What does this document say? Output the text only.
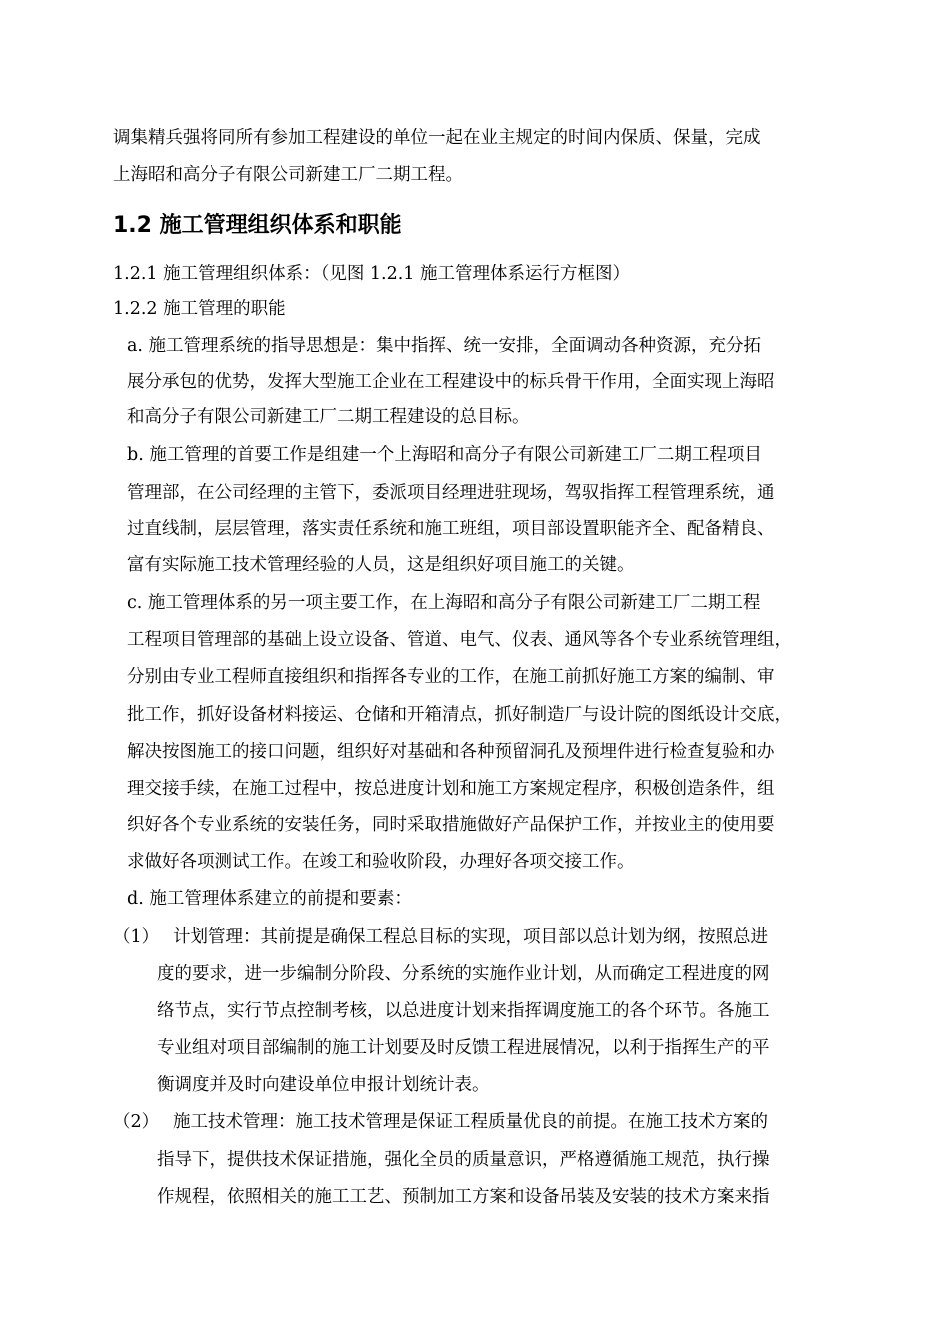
调集精兵强将同所有参加工程建设的单位一起在业主规定的时间内保质、保量，完成
上海昭和高分子有限公司新建工厂二期工程。
1.2 施工管理组织体系和职能
1.2.1 施工管理组织体系：（见图 1.2.1 施工管理体系运行方框图）
1.2.2 施工管理的职能
a. 施工管理系统的指导思想是：集中指挥、统一安排，全面调动各种资源，充分拓
展分承包的优势，发挥大型施工企业在工程建设中的标兵骨干作用，全面实现上海昭
和高分子有限公司新建工厂二期工程建设的总目标。
b. 施工管理的首要工作是组建一个上海昭和高分子有限公司新建工厂二期工程项目
管理部，在公司经理的主管下，委派项目经理进驻现场，驾驭指挥工程管理系统，通
过直线制，层层管理，落实责任系统和施工班组，项目部设置职能齐全、配备精良、
富有实际施工技术管理经验的人员，这是组织好项目施工的关键。
c. 施工管理体系的另一项主要工作，在上海昭和高分子有限公司新建工厂二期工程
工程项目管理部的基础上设立设备、管道、电气、仪表、通风等各个专业系统管理组，
分别由专业工程师直接组织和指挥各专业的工作，在施工前抓好施工方案的编制、审
批工作，抓好设备材料接运、仓储和开箱清点，抓好制造厂与设计院的图纸设计交底，
解决按图施工的接口问题，组织好对基础和各种预留洞孔及预埋件进行检查复验和办
理交接手续，在施工过程中，按总进度计划和施工方案规定程序，积极创造条件，组
织好各个专业系统的安装任务，同时采取措施做好产品保护工作，并按业主的使用要
求做好各项测试工作。在竣工和验收阶段，办理好各项交接工作。
d. 施工管理体系建立的前提和要素：
（1） 计划管理：其前提是确保工程总目标的实现，项目部以总计划为纲，按照总进
度的要求，进一步编制分阶段、分系统的实施作业计划，从而确定工程进度的网
络节点，实行节点控制考核，以总进度计划来指挥调度施工的各个环节。各施工
专业组对项目部编制的施工计划要及时反馈工程进展情况，以利于指挥生产的平
衡调度并及时向建设单位申报计划统计表。
（2） 施工技术管理：施工技术管理是保证工程质量优良的前提。在施工技术方案的
指导下，提供技术保证措施，强化全员的质量意识，严格遵循施工规范，执行操
作规程，依照相关的施工工艺、预制加工方案和设备吊装及安装的技术方案来指
